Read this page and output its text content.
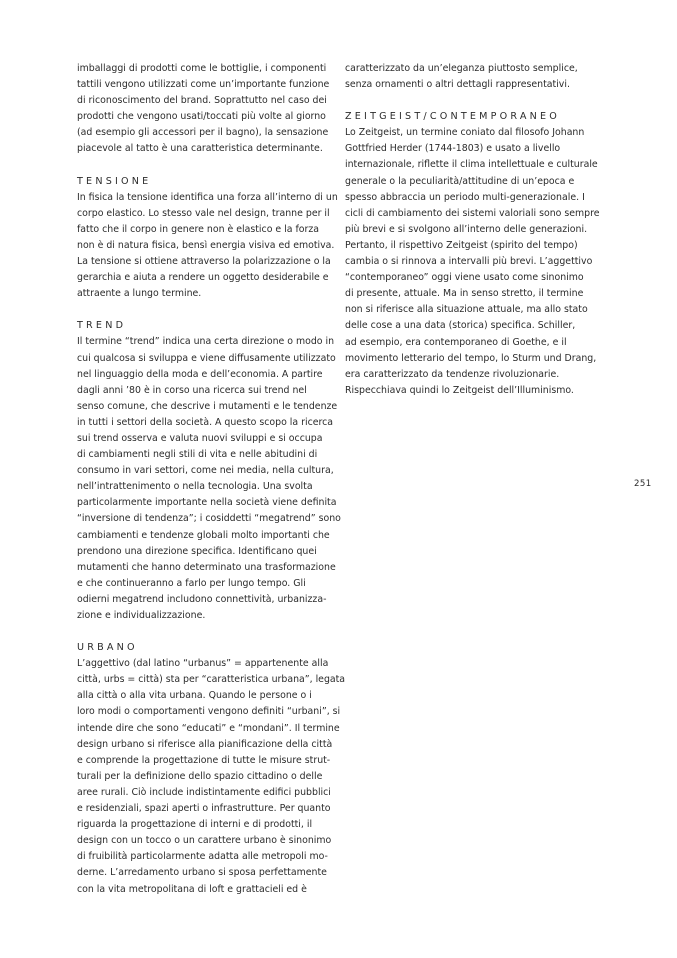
imballaggi di prodotti come le bottiglie, i componenti
tattili vengono utilizzati come un’importante funzione
di riconoscimento del brand. Soprattutto nel caso dei
prodotti che vengono usati/toccati più volte al giorno
(ad esempio gli accessori per il bagno), la sensazione
piacevole al tatto è una caratteristica determinante.
TENSIONE
In fisica la tensione identifica una forza all’interno di un
corpo elastico. Lo stesso vale nel design, tranne per il
fatto che il corpo in genere non è elastico e la forza
non è di natura fisica, bensì energia visiva ed emotiva.
La tensione si ottiene attraverso la polarizzazione o la
gerarchia e aiuta a rendere un oggetto desiderabile e
attraente a lungo termine.
TREND
Il termine “trend” indica una certa direzione o modo in
cui qualcosa si sviluppa e viene diffusamente utilizzato
nel linguaggio della moda e dell’economia. A partire
dagli anni ’80 è in corso una ricerca sui trend nel
senso comune, che descrive i mutamenti e le tendenze
in tutti i settori della società. A questo scopo la ricerca
sui trend osserva e valuta nuovi sviluppi e si occupa
di cambiamenti negli stili di vita e nelle abitudini di
consumo in vari settori, come nei media, nella cultura,
nell’intrattenimento o nella tecnologia. Una svolta
particolarmente importante nella società viene definita
“inversione di tendenza”; i cosiddetti “megatrend” sono
cambiamenti e tendenze globali molto importanti che
prendono una direzione specifica. Identificano quei
mutamenti che hanno determinato una trasformazione
e che continueranno a farlo per lungo tempo. Gli
odierni megatrend includono connettività, urbanizza-
zione e individualizzazione.
URBANO
L’aggettivo (dal latino “urbanus” = appartenente alla
città, urbs = città) sta per “caratteristica urbana”, legata
alla città o alla vita urbana. Quando le persone o i
loro modi o comportamenti vengono definiti “urbani”, si
intende dire che sono “educati” e “mondani”. Il termine
design urbano si riferisce alla pianificazione della città
e comprende la progettazione di tutte le misure strut-
turali per la definizione dello spazio cittadino o delle
aree rurali. Ciò include indistintamente edifici pubblici
e residenziali, spazi aperti o infrastrutture. Per quanto
riguarda la progettazione di interni e di prodotti, il
design con un tocco o un carattere urbano è sinonimo
di fruibilità particolarmente adatta alle metropoli mo-
derne. L’arredamento urbano si sposa perfettamente
con la vita metropolitana di loft e grattacieli ed è
caratterizzato da un’eleganza piuttosto semplice,
senza ornamenti o altri dettagli rappresentativi.
ZEITGEIST/CONTEMPORANEO
Lo Zeitgeist, un termine coniato dal filosofo Johann
Gottfried Herder (1744-1803) e usato a livello
internazionale, riflette il clima intellettuale e culturale
generale o la peculiarità/attitudine di un’epoca e
spesso abbraccia un periodo multi-generazionale. I
cicli di cambiamento dei sistemi valoriali sono sempre
più brevi e si svolgono all’interno delle generazioni.
Pertanto, il rispettivo Zeitgeist (spirito del tempo)
cambia o si rinnova a intervalli più brevi. L’aggettivo
“contemporaneo” oggi viene usato come sinonimo
di presente, attuale. Ma in senso stretto, il termine
non si riferisce alla situazione attuale, ma allo stato
delle cose a una data (storica) specifica. Schiller,
ad esempio, era contemporaneo di Goethe, e il
movimento letterario del tempo, lo Sturm und Drang,
era caratterizzato da tendenze rivoluzionarie.
Rispecchiava quindi lo Zeitgeist dell’Illuminismo.
251
